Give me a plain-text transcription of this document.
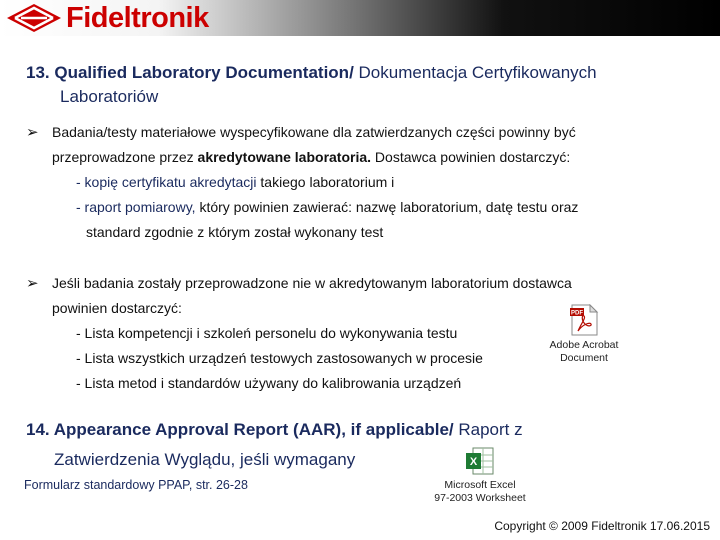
Fideltronik
13. Qualified Laboratory Documentation/ Dokumentacja Certyfikowanych
Laboratoriów
➢ Badania/testy materiałowe wyspecyfikowane dla zatwierdzanych części powinny być
przeprowadzone przez akredytowane laboratoria. Dostawca powinien dostarczyć:
- kopię certyfikatu akredytacji takiego laboratorium i
- raport pomiarowy, który powinien zawierać: nazwę laboratorium, datę testu oraz
standard zgodnie z którym został wykonany test
➢ Jeśli badania zostały przeprowadzone nie w akredytowanym laboratorium dostawca
powinien dostarczyć:
- Lista kompetencji i szkoleń personelu do wykonywania testu
- Lista wszystkich urządzeń testowych zastosowanych w procesie
- Lista metod i standardów używany do kalibrowania urządzeń
PDF
Adobe Acrobat
Document
14. Appearance Approval Report (AAR), if applicable/ Raport z
Zatwierdzenia Wyglądu, jeśli wymagany	X
Microsoft Excel

97-2003 Worksheet
Formularz standardowy PPAP, str. 26-28
Copyright © 2009 Fideltronik 17.06.2015
